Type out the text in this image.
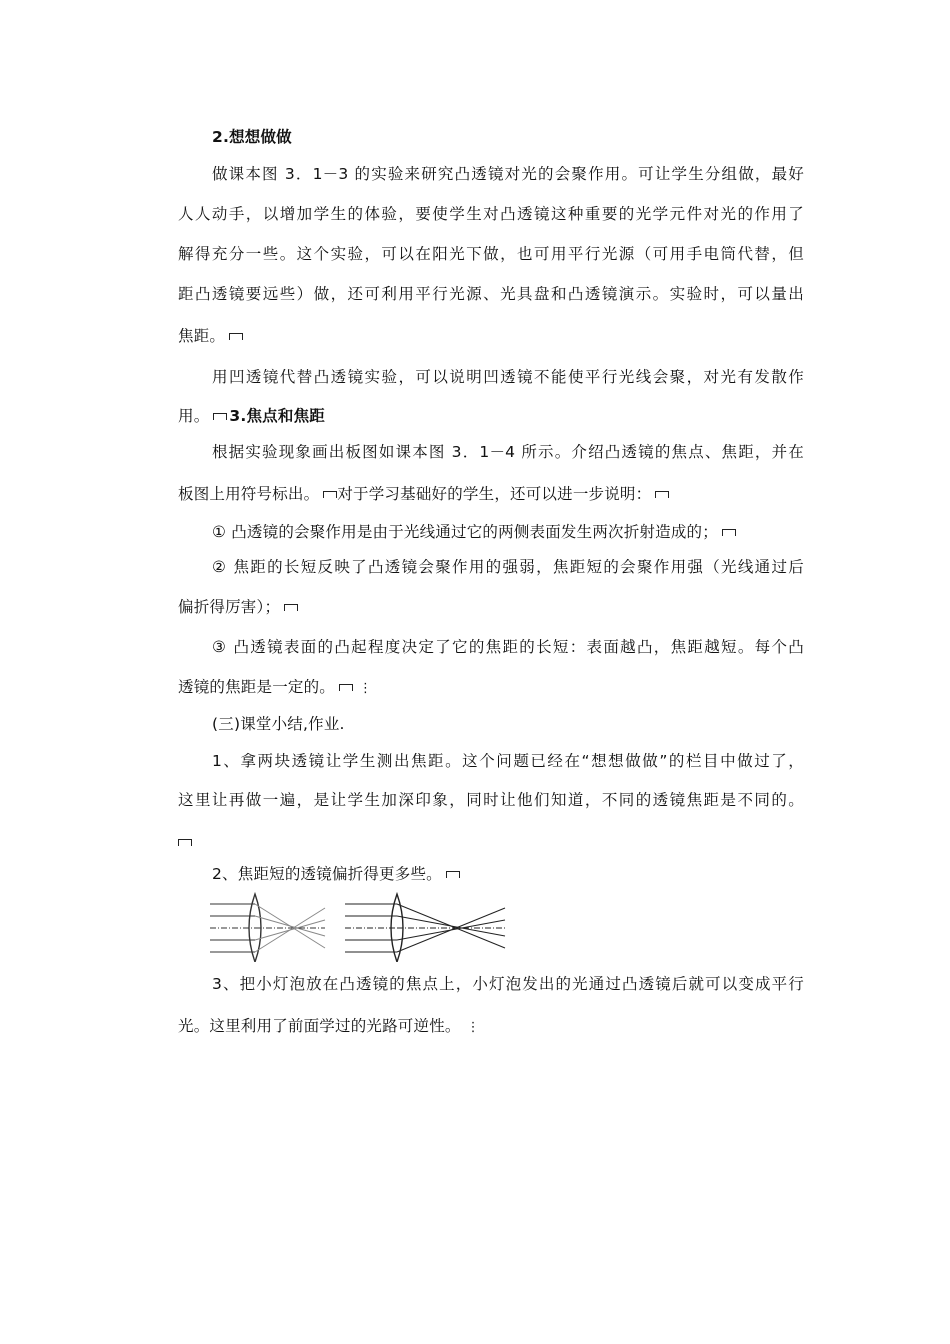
2.想想做做
做课本图 3．1－3 的实验来研究凸透镜对光的会聚作用。可让学生分组做，最好
人人动手，以增加学生的体验，要使学生对凸透镜这种重要的光学元件对光的作用了
解得充分一些。这个实验，可以在阳光下做，也可用平行光源（可用手电筒代替，但
距凸透镜要远些）做，还可利用平行光源、光具盘和凸透镜演示。实验时，可以量出
焦距。
用凹透镜代替凸透镜实验，可以说明凹透镜不能使平行光线会聚，对光有发散作
用。 3.焦点和焦距
根据实验现象画出板图如课本图 3．1－4 所示。介绍凸透镜的焦点、焦距，并在
板图上用符号标出。 对于学习基础好的学生，还可以进一步说明：
① 凸透镜的会聚作用是由于光线通过它的两侧表面发生两次折射造成的；
② 焦距的长短反映了凸透镜会聚作用的强弱，焦距短的会聚作用强（光线通过后
偏折得厉害）；
③ 凸透镜表面的凸起程度决定了它的焦距的长短：表面越凸，焦距越短。每个凸
透镜的焦距是一定的。 ⋮
(三)课堂小结,作业.
1、拿两块透镜让学生测出焦距。这个问题已经在“想想做做”的栏目中做过了，
这里让再做一遍，是让学生加深印象，同时让他们知道，不同的透镜焦距是不同的。
2、焦距短的透镜偏折得更多些。
3、把小灯泡放在凸透镜的焦点上，小灯泡发出的光通过凸透镜后就可以变成平行
光。这里利用了前面学过的光路可逆性。 ⋮
